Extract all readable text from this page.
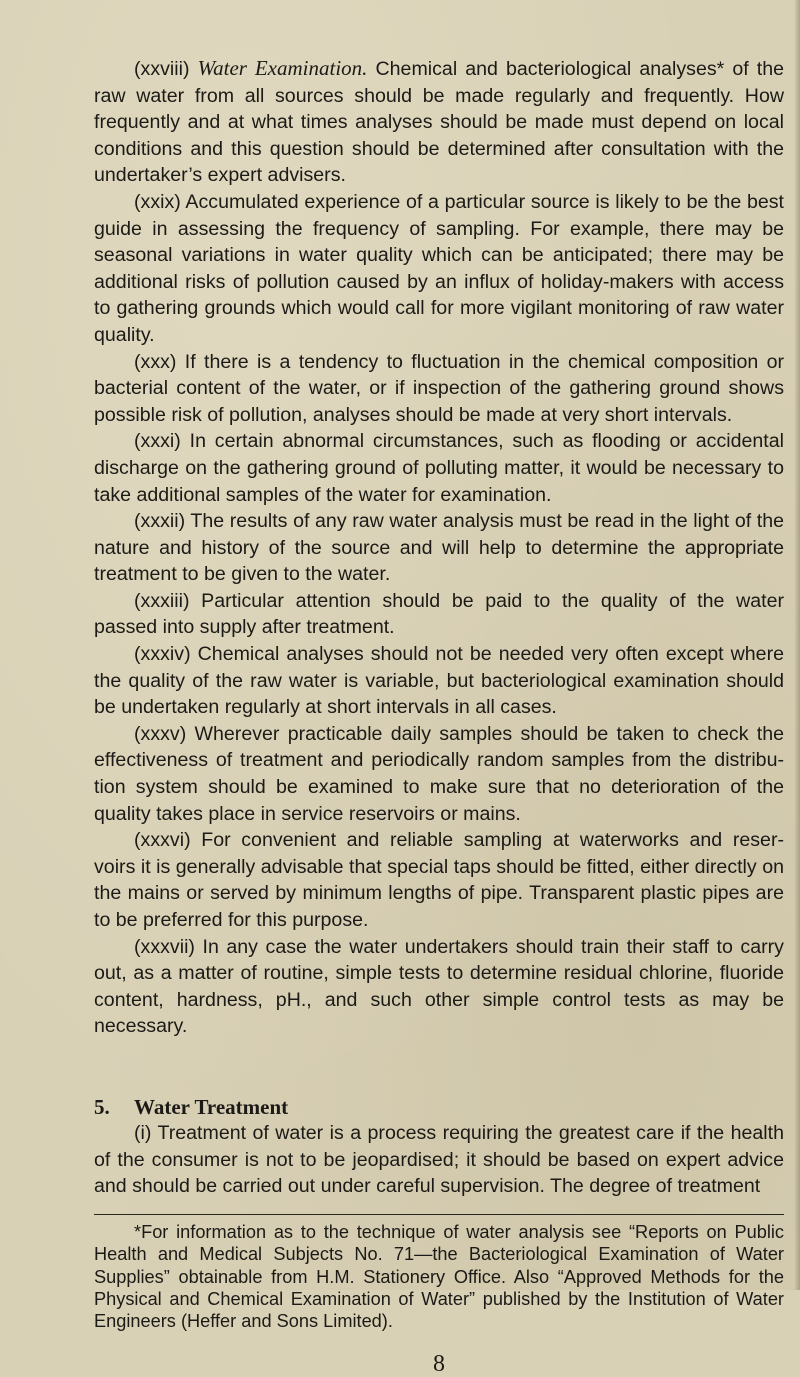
(xxviii) Water Examination. Chemical and bacteriological analyses* of the raw water from all sources should be made regularly and frequently. How frequently and at what times analyses should be made must depend on local conditions and this question should be determined after consultation with the undertaker’s expert advisers.

(xxix) Accumulated experience of a particular source is likely to be the best guide in assessing the frequency of sampling. For example, there may be seasonal variations in water quality which can be anticipated; there may be additional risks of pollution caused by an influx of holiday-makers with access to gathering grounds which would call for more vigilant monitoring of raw water quality.

(xxx) If there is a tendency to fluctuation in the chemical composition or bacterial content of the water, or if inspection of the gathering ground shows possible risk of pollution, analyses should be made at very short intervals.

(xxxi) In certain abnormal circumstances, such as flooding or accidental discharge on the gathering ground of polluting matter, it would be necessary to take additional samples of the water for examination.

(xxxii) The results of any raw water analysis must be read in the light of the nature and history of the source and will help to determine the appropriate treatment to be given to the water.

(xxxiii) Particular attention should be paid to the quality of the water passed into supply after treatment.

(xxxiv) Chemical analyses should not be needed very often except where the quality of the raw water is variable, but bacteriological examination should be undertaken regularly at short intervals in all cases.

(xxxv) Wherever practicable daily samples should be taken to check the effectiveness of treatment and periodically random samples from the distribu- tion system should be examined to make sure that no deterioration of the quality takes place in service reservoirs or mains.

(xxxvi) For convenient and reliable sampling at waterworks and reser- voirs it is generally advisable that special taps should be fitted, either directly on the mains or served by minimum lengths of pipe. Transparent plastic pipes are to be preferred for this purpose.

(xxxvii) In any case the water undertakers should train their staff to carry out, as a matter of routine, simple tests to determine residual chlorine, fluoride content, hardness, pH., and such other simple control tests as may be necessary.

5. Water Treatment

(i) Treatment of water is a process requiring the greatest care if the health of the consumer is not to be jeopardised; it should be based on expert advice and should be carried out under careful supervision. The degree of treatment

*For information as to the technique of water analysis see “Reports on Public Health and Medical Subjects No. 71—the Bacteriological Examination of Water Supplies” obtainable from H.M. Stationery Office. Also “Approved Methods for the Physical and Chemical Examination of Water” published by the Institution of Water Engineers (Heffer and Sons Limited).

8
